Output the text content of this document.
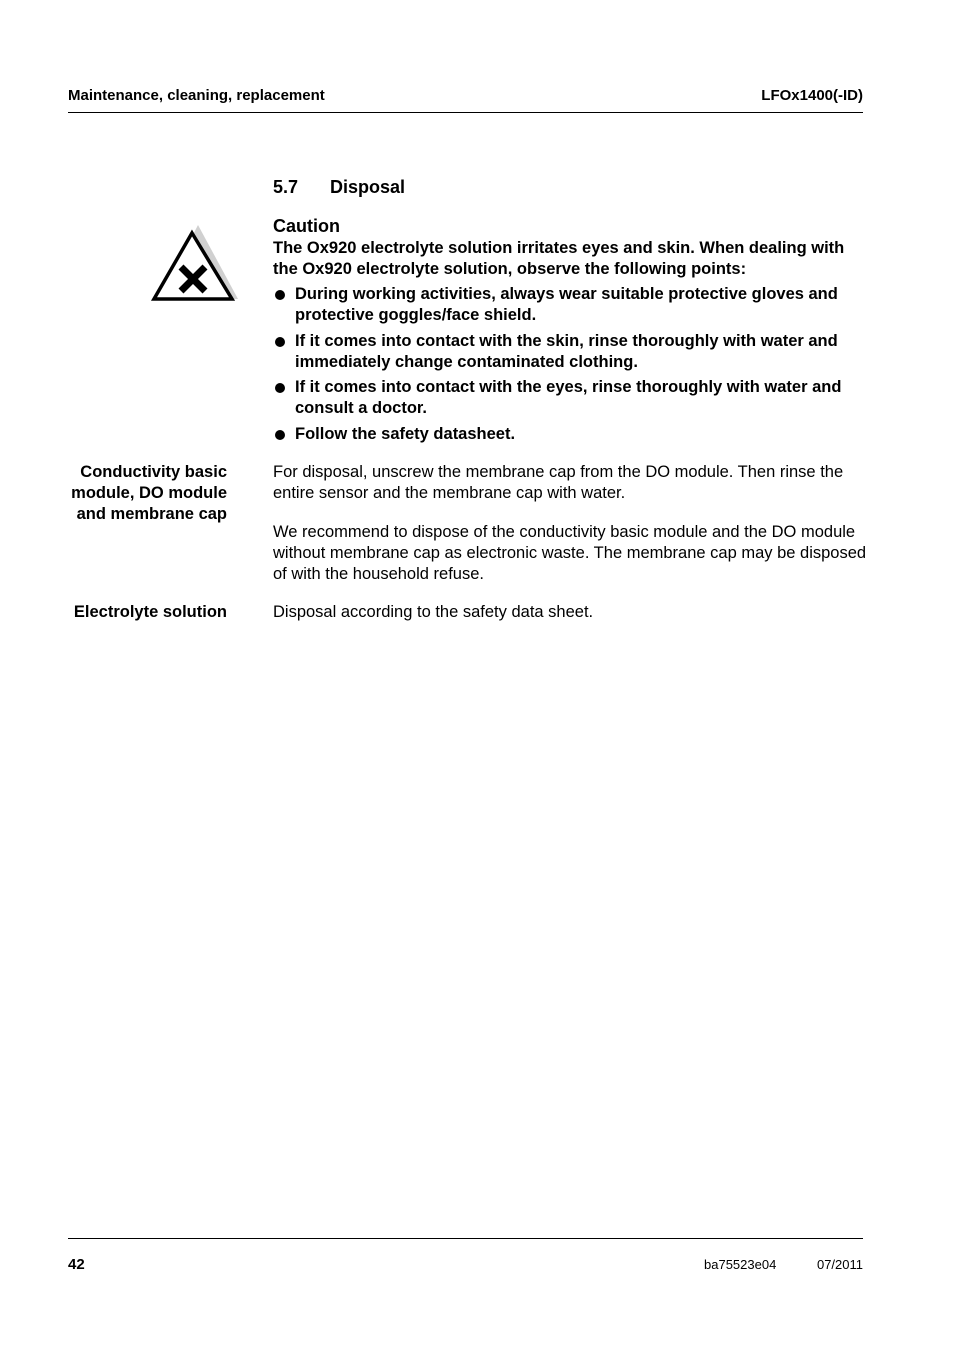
Maintenance, cleaning, replacement	LFOx1400(-ID)
5.7 Disposal
Caution

The Ox920 electrolyte solution irritates eyes and skin. When dealing with the Ox920 electrolyte solution, observe the following points:

During working activities, always wear suitable protective gloves and protective goggles/face shield.
If it comes into contact with the skin, rinse thoroughly with water and immediately change contaminated clothing.
If it comes into contact with the eyes, rinse thoroughly with water and consult a doctor.
Follow the safety datasheet.
Conductivity basic module, DO module and membrane cap

For disposal, unscrew the membrane cap from the DO module. Then rinse the entire sensor and the membrane cap with water.

We recommend to dispose of the conductivity basic module and the DO module without membrane cap as electronic waste. The membrane cap may be disposed of with the household refuse.

Electrolyte solution	Disposal according to the safety data sheet.

42	ba75523e04	07/2011
